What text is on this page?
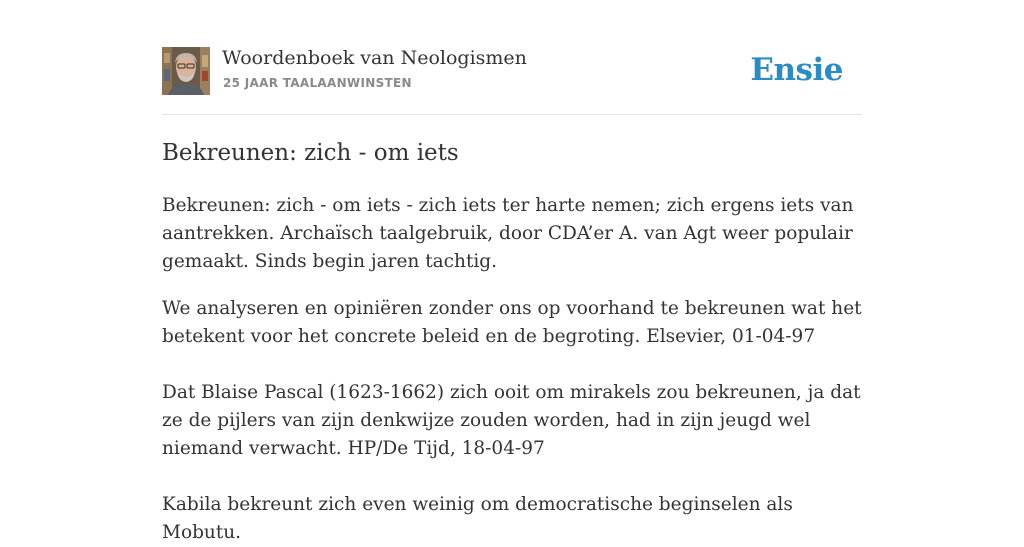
Woordenboek van Neologismen
25 JAAR TAALAANWINSTEN	Ensie
Bekreunen: zich - om iets

Bekreunen: zich - om iets - zich iets ter harte nemen; zich ergens iets van aantrekken. Archaïsch taalgebruik, door CDA’er A. van Agt weer populair gemaakt. Sinds begin jaren tachtig.

We analyseren en opiniëren zonder ons op voorhand te bekreunen wat het betekent voor het concrete beleid en de begroting. Elsevier, 01-04-97

Dat Blaise Pascal (1623-1662) zich ooit om mirakels zou bekreunen, ja dat ze de pijlers van zijn denkwijze zouden worden, had in zijn jeugd wel niemand verwacht. HP/De Tijd, 18-04-97

Kabila bekreunt zich even weinig om democratische beginselen als Mobutu.
